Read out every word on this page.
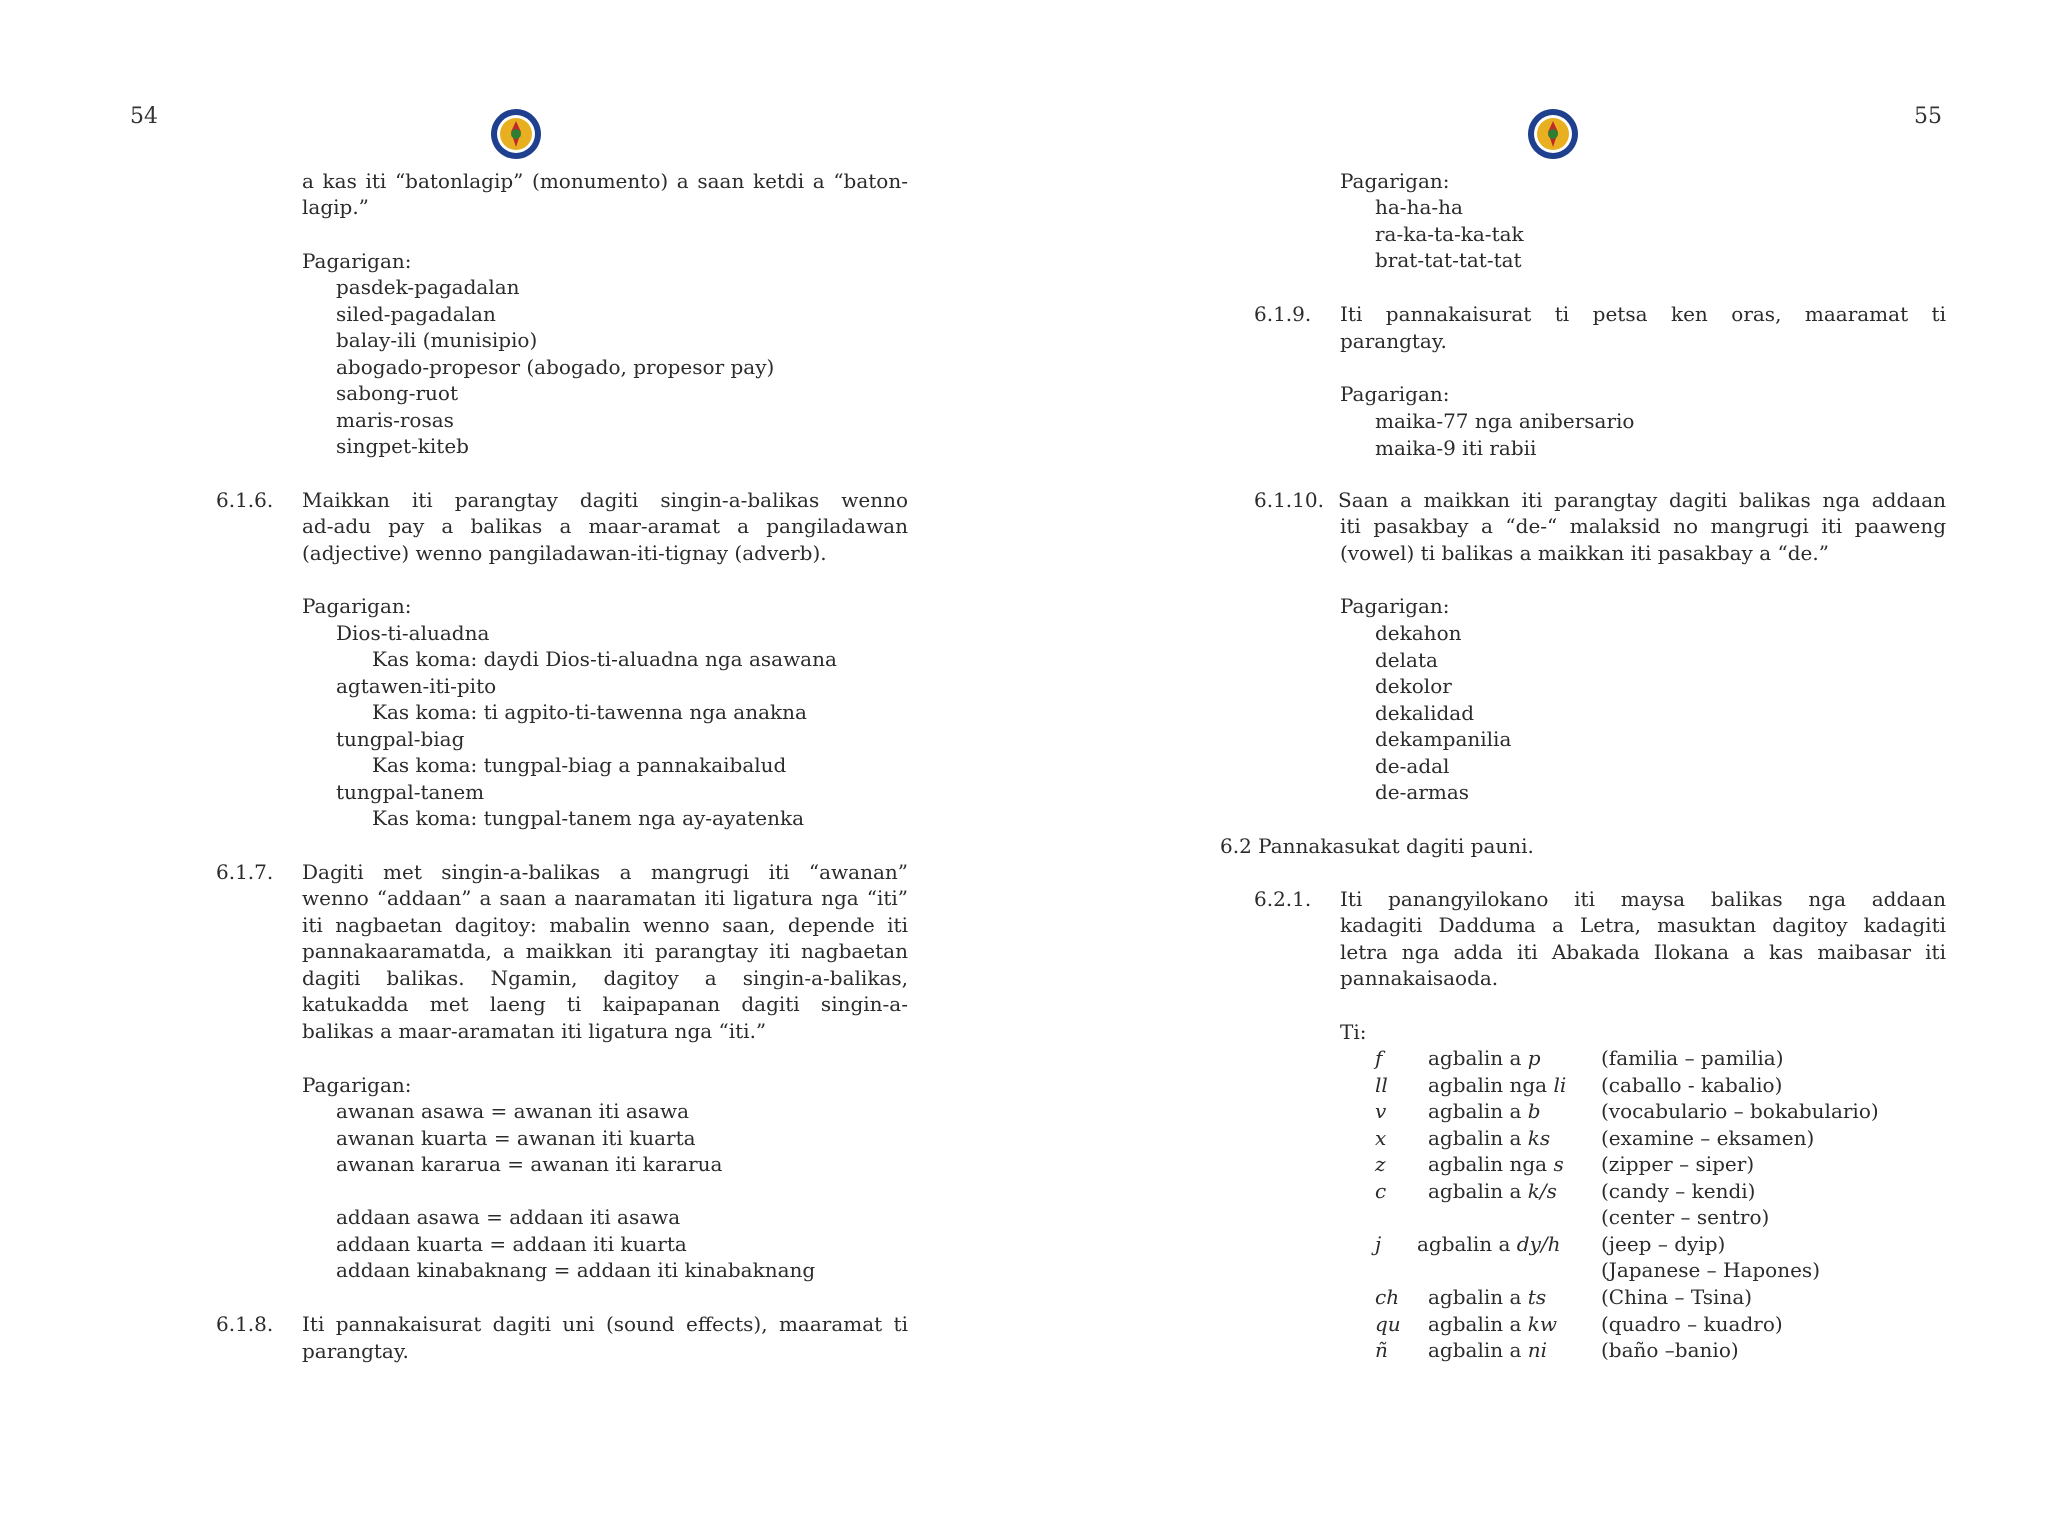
54
a kas iti “batonlagip” (monumento) a saan ketdi a “baton-
lagip.”
Pagarigan:
pasdek-pagadalan
siled-pagadalan
balay-ili (munisipio)
abogado-propesor (abogado, propesor pay)
sabong-ruot
maris-rosas
singpet-kiteb
6.1.6. Maikkan iti parangtay dagiti singin-a-balikas wenno
ad-adu pay a balikas a maar-aramat a pangiladawan
(adjective) wenno pangiladawan-iti-tignay (adverb).
Pagarigan:
Dios-ti-aluadna
Kas koma: daydi Dios-ti-aluadna nga asawana
agtawen-iti-pito
Kas koma: ti agpito-ti-tawenna nga anakna
tungpal-biag
Kas koma: tungpal-biag a pannakaibalud
tungpal-tanem
Kas koma: tungpal-tanem nga ay-ayatenka
6.1.7. Dagiti met singin-a-balikas a mangrugi iti “awanan”
wenno “addaan” a saan a naaramatan iti ligatura nga “iti”
iti nagbaetan dagitoy: mabalin wenno saan, depende iti
pannakaaramatda, a maikkan iti parangtay iti nagbaetan
dagiti balikas. Ngamin, dagitoy a singin-a-balikas,
katukadda met laeng ti kaipapanan dagiti singin-a-
balikas a maar-aramatan iti ligatura nga “iti.”
Pagarigan:
awanan asawa = awanan iti asawa
awanan kuarta = awanan iti kuarta
awanan kararua = awanan iti kararua
addaan asawa = addaan iti asawa
addaan kuarta = addaan iti kuarta
addaan kinabaknang = addaan iti kinabaknang
6.1.8. Iti pannakaisurat dagiti uni (sound effects), maaramat ti
parangtay.
55
Pagarigan:
ha-ha-ha
ra-ka-ta-ka-tak
brat-tat-tat-tat
6.1.9. Iti pannakaisurat ti petsa ken oras, maaramat ti
parangtay.
Pagarigan:
maika-77 nga anibersario
maika-9 iti rabii
6.1.10. Saan a maikkan iti parangtay dagiti balikas nga addaan
iti pasakbay a “de-“ malaksid no mangrugi iti paaweng
(vowel) ti balikas a maikkan iti pasakbay a “de.”
Pagarigan:
dekahon
delata
dekolor
dekalidad
dekampanilia
de-adal
de-armas
6.2 Pannakasukat dagiti pauni.
6.2.1. Iti panangyilokano iti maysa balikas nga addaan
kadagiti Dadduma a Letra, masuktan dagitoy kadagiti
letra nga adda iti Abakada Ilokana a kas maibasar iti
pannakaisaoda.
Ti:
f agbalin a p	(familia – pamilia)
ll agbalin nga li (caballo - kabalio)
v agbalin a b	(vocabulario – bokabulario)
x agbalin a ks	(examine – eksamen)
z agbalin nga s (zipper – siper)
c agbalin a k/s (candy – kendi)
(center – sentro)
j agbalin a dy/h (jeep – dyip)
(Japanese – Hapones)
ch agbalin a ts	(China – Tsina)
qu agbalin a kw (quadro – kuadro)
ñ agbalin a ni	(baño –banio)
